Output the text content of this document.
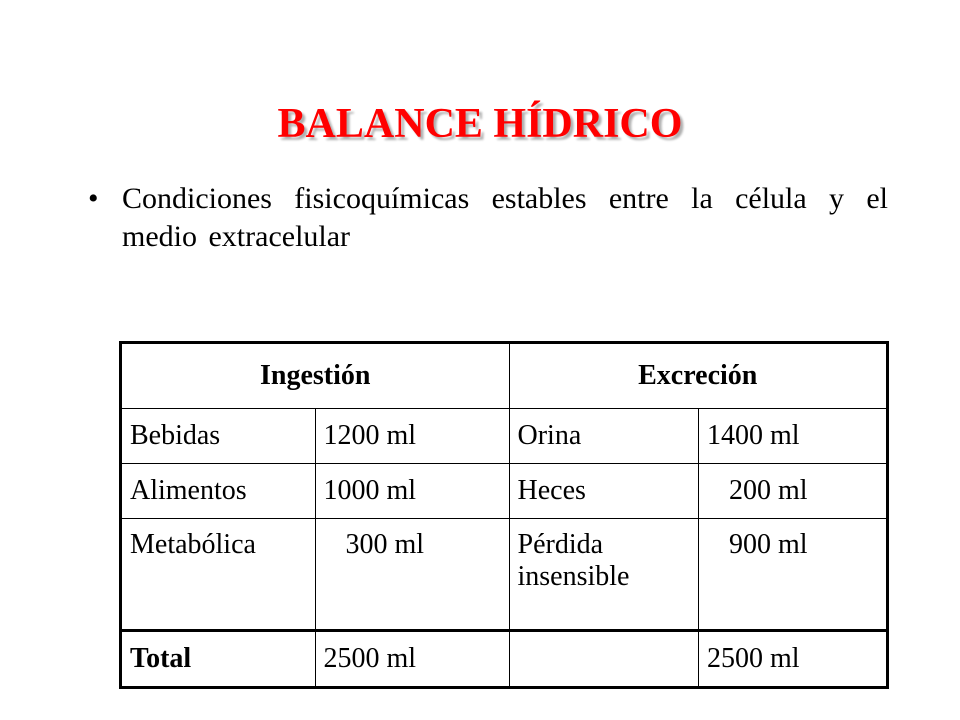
BALANCE HÍDRICO
• Condiciones fisicoquímicas estables entre la célula y el medio extracelular
Ingestión		Excreción	
Bebidas	1200 ml	Orina	1400 ml
Alimentos	1000 ml	Heces	200 ml
Metabólica	300 ml	Pérdida insensible	900 ml
Total	2500 ml		2500 ml
